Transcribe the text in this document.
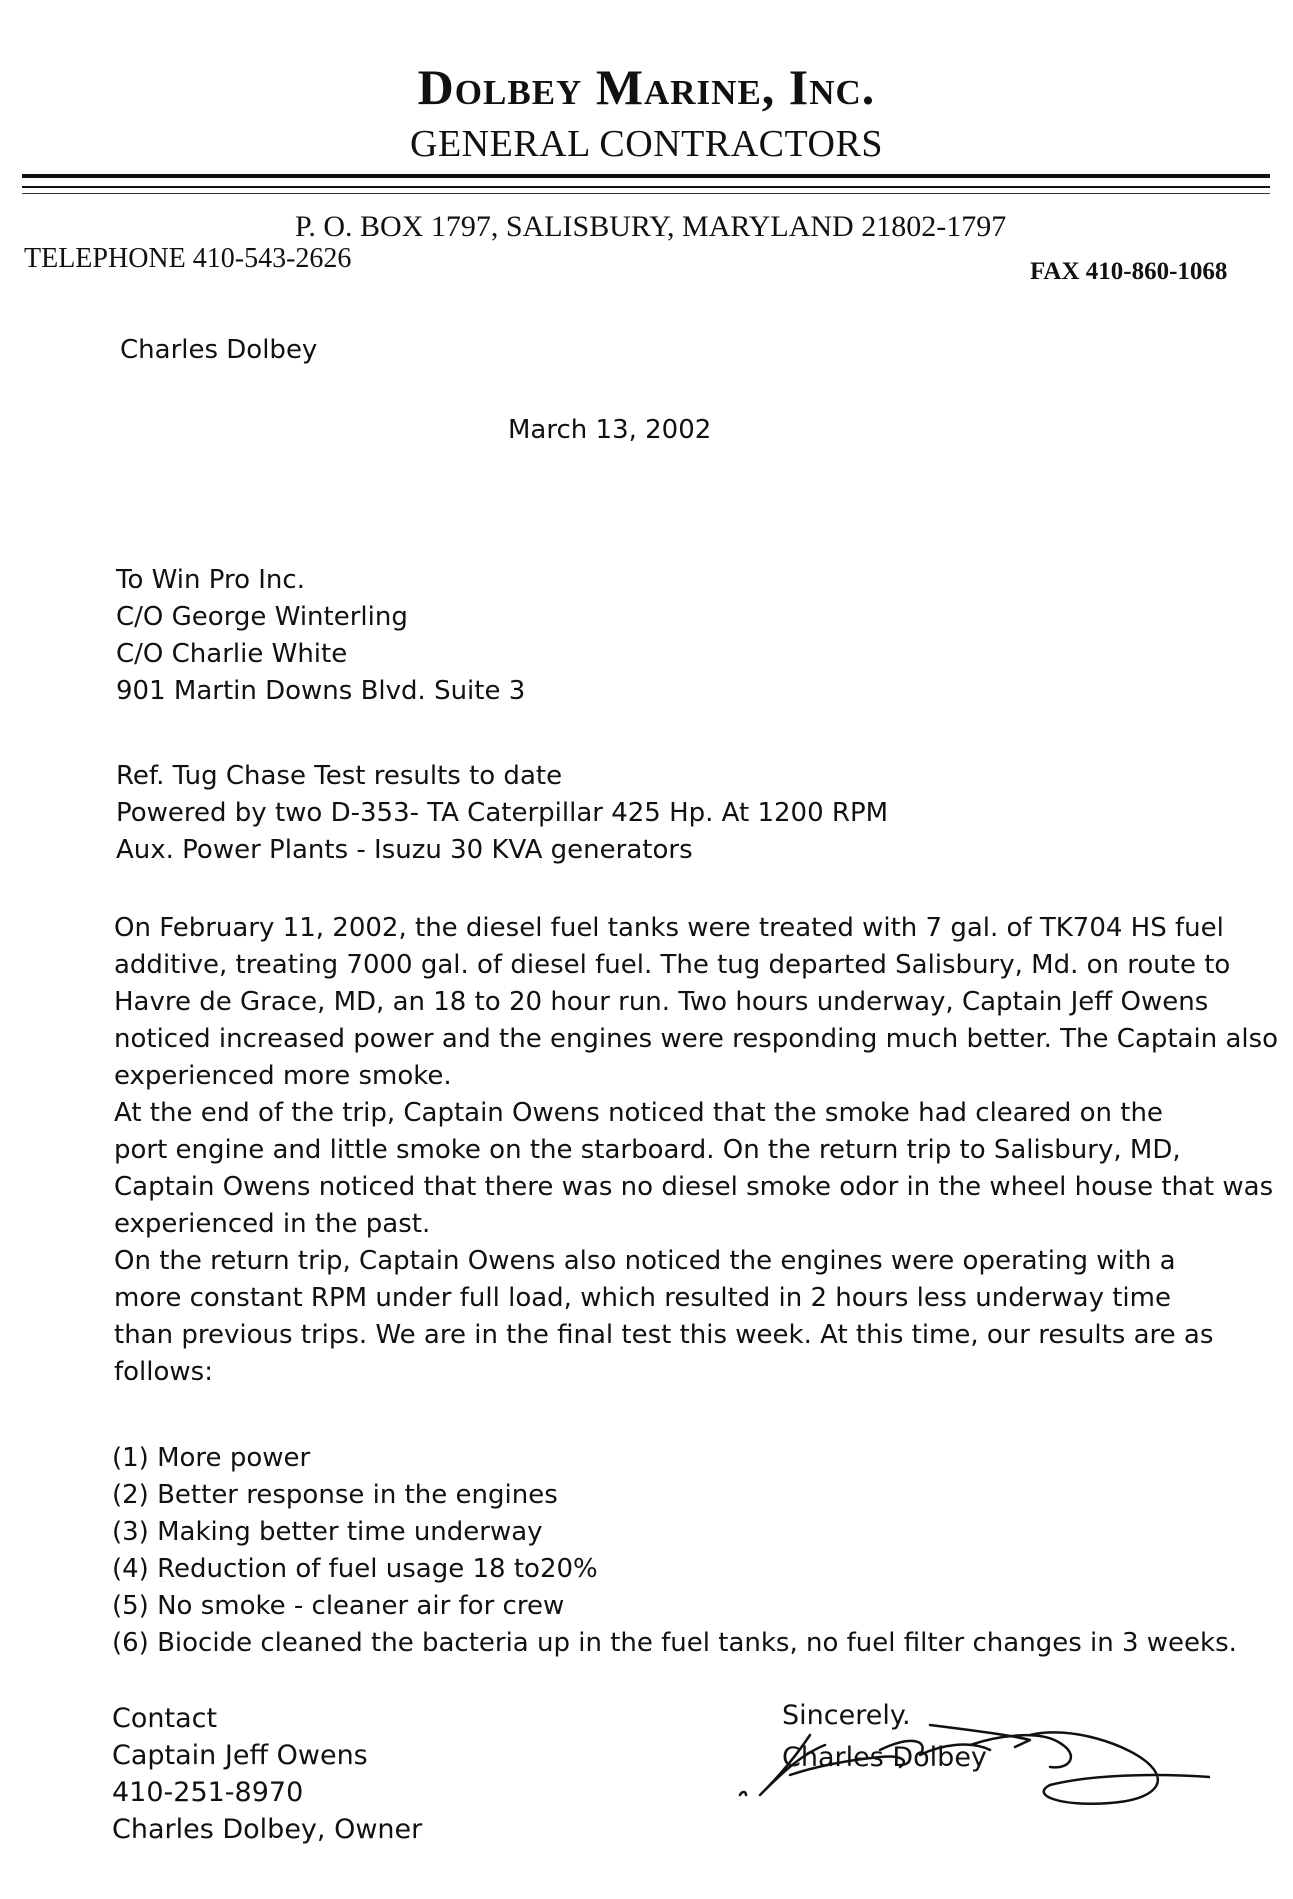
Dolbey Marine, Inc.
GENERAL CONTRACTORS
P. O. BOX 1797, SALISBURY, MARYLAND 21802-1797
TELEPHONE 410-543-2626	FAX 410-860-1068
Charles Dolbey
March 13, 2002
To Win Pro Inc.
C/O George Winterling
C/O Charlie White
901 Martin Downs Blvd. Suite 3
Ref. Tug Chase Test results to date
Powered by two D-353- TA Caterpillar 425 Hp. At 1200 RPM
Aux. Power Plants - Isuzu 30 KVA generators
On February 11, 2002, the diesel fuel tanks were treated with 7 gal. of TK704 HS fuel
additive, treating 7000 gal. of diesel fuel. The tug departed Salisbury, Md. on route to
Havre de Grace, MD, an 18 to 20 hour run. Two hours underway, Captain Jeff Owens
noticed increased power and the engines were responding much better. The Captain also
experienced more smoke.
At the end of the trip, Captain Owens noticed that the smoke had cleared on the
port engine and little smoke on the starboard. On the return trip to Salisbury, MD,
Captain Owens noticed that there was no diesel smoke odor in the wheel house that was
experienced in the past.
On the return trip, Captain Owens also noticed the engines were operating with a
more constant RPM under full load, which resulted in 2 hours less underway time
than previous trips. We are in the final test this week. At this time, our results are as
follows:
(1) More power
(2) Better response in the engines
(3) Making better time underway
(4) Reduction of fuel usage 18 to20%
(5) No smoke - cleaner air for crew
(6) Biocide cleaned the bacteria up in the fuel tanks, no fuel filter changes in 3 weeks.
Contact
Captain Jeff Owens
410-251-8970
Charles Dolbey, Owner
Sincerely.
Charles Dolbey
